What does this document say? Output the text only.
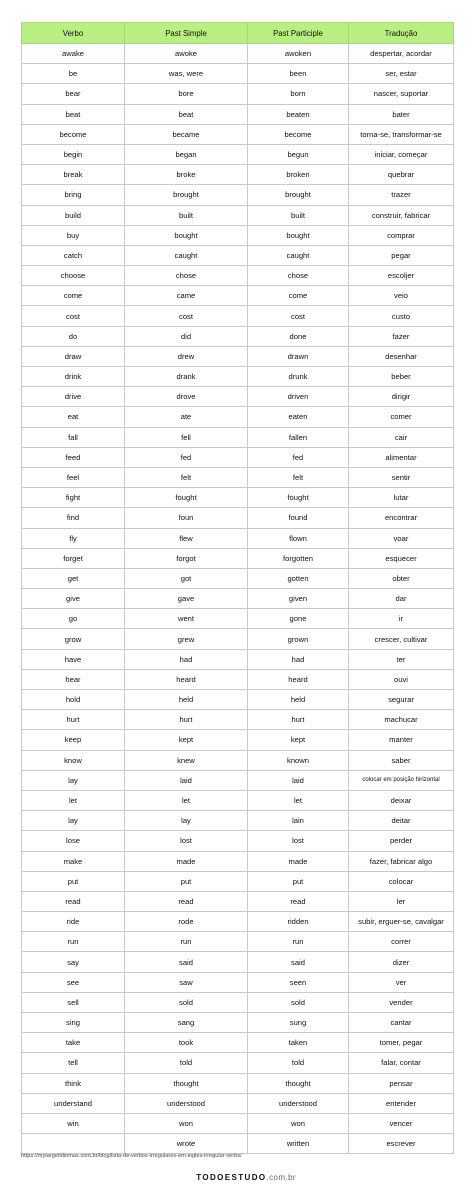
Verbo	Past Simple	Past Participle	Tradução
awake	awoke	awoken	despertar, acordar
be	was, were	been	ser, estar
bear	bore	born	nascer, suportar
beat	beat	beaten	bater
become	became	become	torna-se, transformar-se
begin	began	begun	iniciar, começar
break	broke	broken	quebrar
bring	brought	brought	trazer
build	built	built	construir, fabricar
buy	bought	bought	comprar
catch	caught	caught	pegar
choose	chose	chose	escoljer
come	came	come	veio
cost	cost	cost	custo
do	did	done	fazer
draw	drew	drawn	desenhar
drink	drank	drunk	beber
drive	drove	driven	dirigir
eat	ate	eaten	comer
fall	fell	fallen	cair
feed	fed	fed	alimentar
feel	felt	felt	sentir
fight	fought	fought	lutar
find	foun	found	encontrar
fly	flew	flown	voar
forget	forgot	forgotten	esquecer
get	got	gotten	obter
give	gave	given	dar
go	went	gone	ir
grow	grew	grown	crescer, cultivar
have	had	had	ter
hear	heard	heard	ouvi
hold	held	held	segurar
hurt	hurt	hurt	machucar
keep	kept	kept	manter
know	knew	known	saber
lay	laid	laid	colocar em posição hirizontal
let	let	let	deixar
lay	lay	lain	deitar
lose	lost	lost	perder
make	made	made	fazer, fabricar algo
put	put	put	colocar
read	read	read	ler
ride	rode	ridden	subir, erguer-se, cavalgar
run	run	run	correr
say	said	said	dizer
see	saw	seen	ver
sell	sold	sold	vender
sing	sang	sung	cantar
take	took	taken	tomer, pegar
tell	told	told	falar, contar
think	thought	thought	pensar
understand	understood	understood	entender
win	won	won	vencer
	wrote	written	escrever
https://mytargetidiomas.com.br/blog/lista-de-verbos-irregulares-em-ingles-irregular-verbs/
TODOESTUDO.com.br
